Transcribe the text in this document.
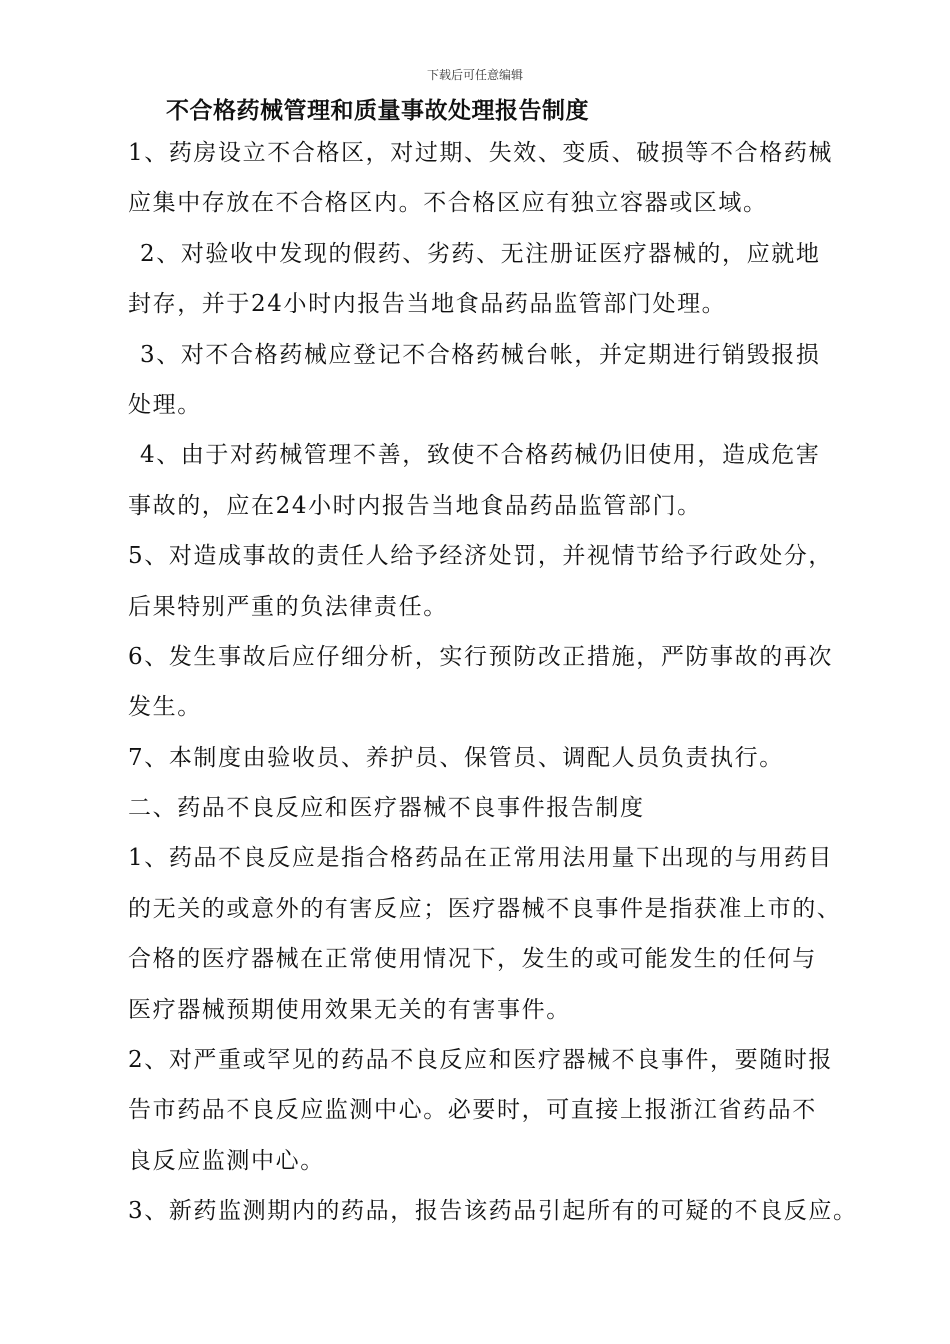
下载后可任意编辑
不合格药械管理和质量事故处理报告制度
1、药房设立不合格区，对过期、失效、变质、破损等不合格药械
应集中存放在不合格区内。不合格区应有独立容器或区域。
2、对验收中发现的假药、劣药、无注册证医疗器械的，应就地
封存，并于24小时内报告当地食品药品监管部门处理。
3、对不合格药械应登记不合格药械台帐，并定期进行销毁报损
处理。
4、由于对药械管理不善，致使不合格药械仍旧使用，造成危害
事故的，应在24小时内报告当地食品药品监管部门。
5、对造成事故的责任人给予经济处罚，并视情节给予行政处分，
后果特别严重的负法律责任。
6、发生事故后应仔细分析，实行预防改正措施，严防事故的再次
发生。
7、本制度由验收员、养护员、保管员、调配人员负责执行。
二、药品不良反应和医疗器械不良事件报告制度
1、药品不良反应是指合格药品在正常用法用量下出现的与用药目
的无关的或意外的有害反应；医疗器械不良事件是指获准上市的、
合格的医疗器械在正常使用情况下，发生的或可能发生的任何与
医疗器械预期使用效果无关的有害事件。
2、对严重或罕见的药品不良反应和医疗器械不良事件，要随时报
告市药品不良反应监测中心。必要时，可直接上报浙江省药品不
良反应监测中心。
3、新药监测期内的药品，报告该药品引起所有的可疑的不良反应。
